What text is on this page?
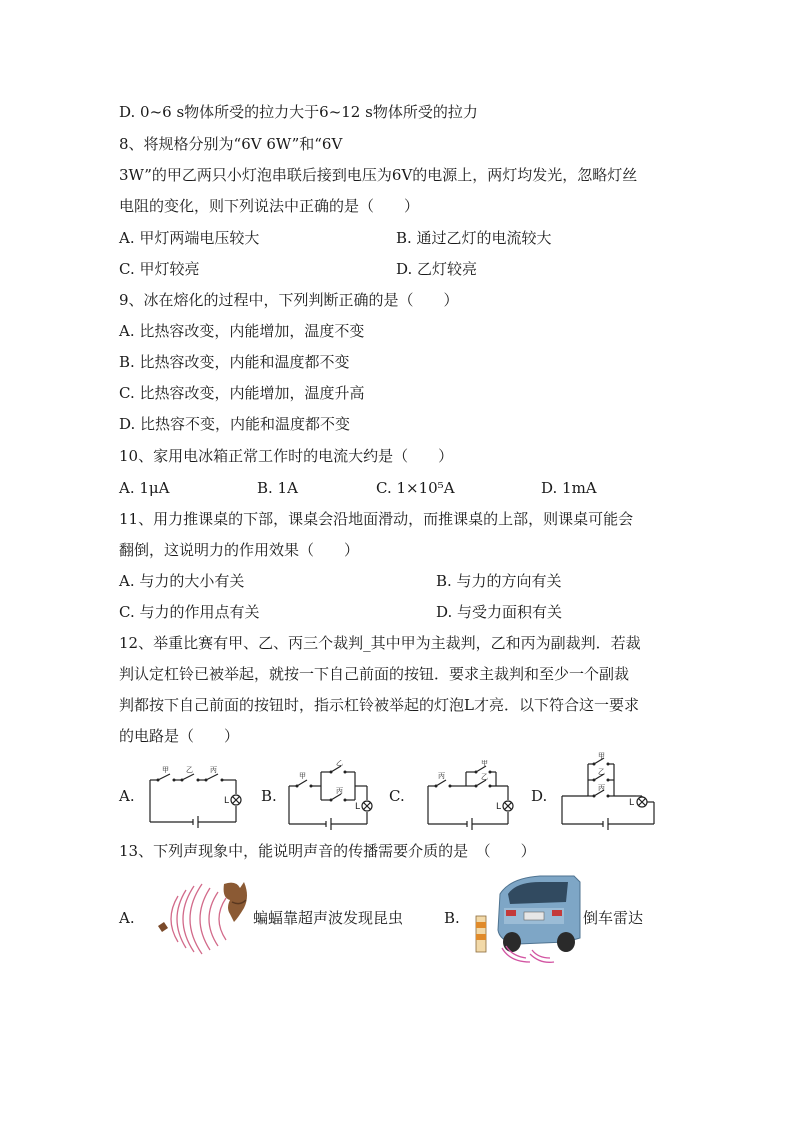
D. 0~6 s物体所受的拉力大于6~12 s物体所受的拉力
8、将规格分别为“6V 6W”和“6V
3W”的甲乙两只小灯泡串联后接到电压为6V的电源上，两灯均发光，忽略灯丝
电阻的变化，则下列说法中正确的是（　　）
A. 甲灯两端电压较大	B. 通过乙灯的电流较大
C. 甲灯较亮	D. 乙灯较亮
9、冰在熔化的过程中，下列判断正确的是（　　）
A. 比热容改变，内能增加，温度不变
B. 比热容改变，内能和温度都不变
C. 比热容改变，内能增加，温度升高
D. 比热容不变，内能和温度都不变
10、家用电冰箱正常工作时的电流大约是（　　）
A. 1μA	B. 1A	C. 1×10⁵A	D. 1mA
11、用力推课桌的下部，课桌会沿地面滑动，而推课桌的上部，则课桌可能会
翻倒，这说明力的作用效果（　　）
A. 与力的大小有关	B. 与力的方向有关
C. 与力的作用点有关	D. 与受力面积有关
12、举重比赛有甲、乙、丙三个裁判_其中甲为主裁判，乙和丙为副裁判．若裁
判认定杠铃已被举起，就按一下自己前面的按钮．要求主裁判和至少一个副裁
判都按下自己前面的按钮时，指示杠铃被举起的灯泡L才亮．以下符合这一要求
的电路是（　　）
A.
甲 乙 丙
L B.
甲
乙
丙
L
C.
丙
甲
乙
L
D.
甲
乙
丙
L
13、下列声现象中，能说明声音的传播需要介质的是　（　　）
A.	蝙蝠靠超声波发现昆虫	B.	倒车雷达
